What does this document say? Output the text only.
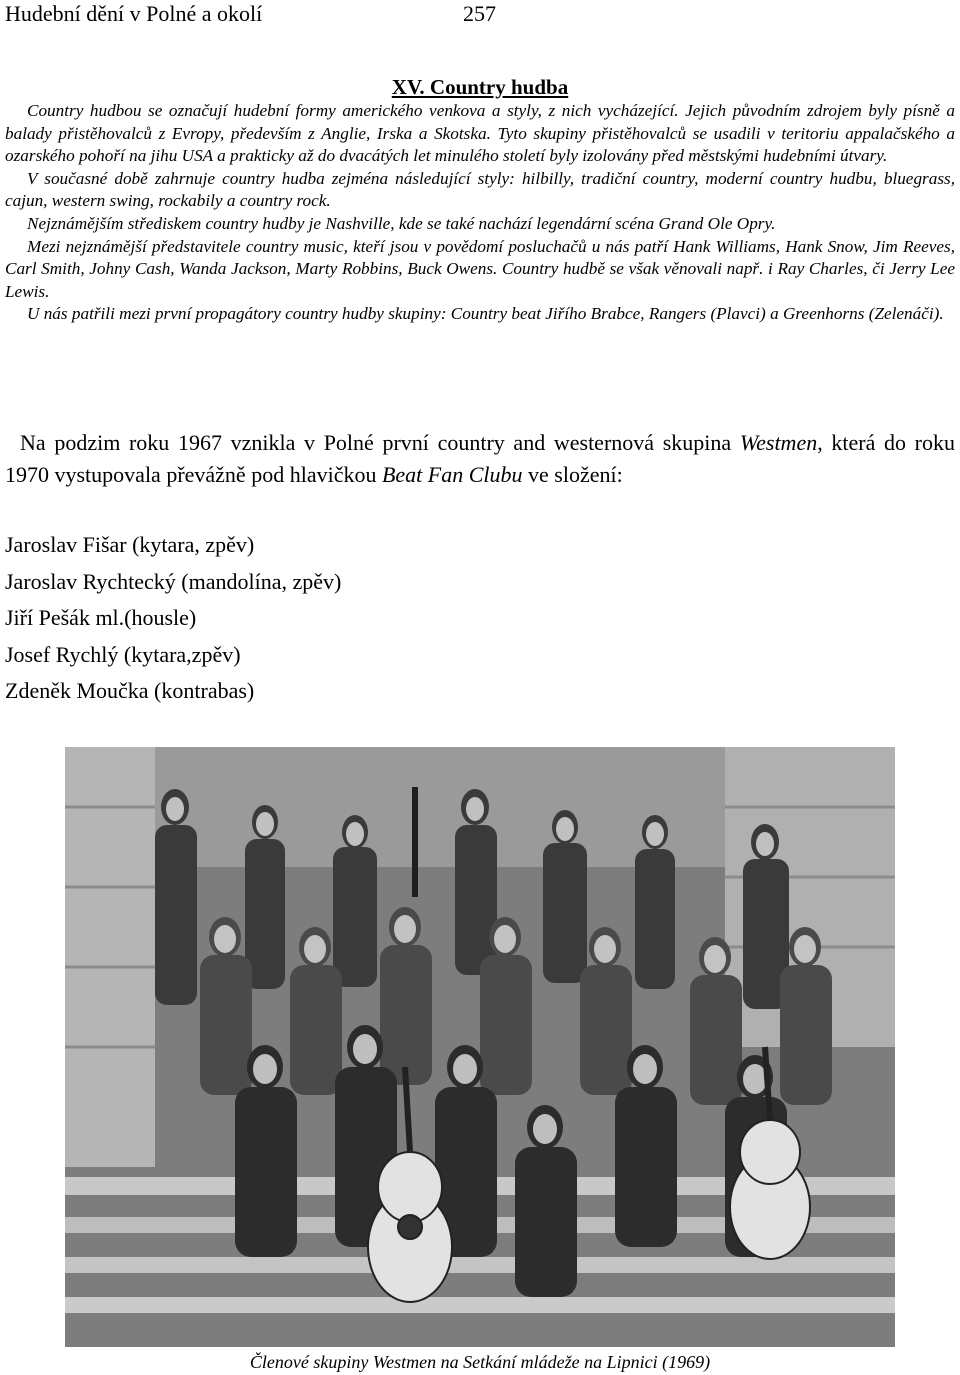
Hudební dění v Polné a okolí	257
XV. Country hudba

Country hudbou se označují hudební formy amerického venkova a styly, z nich vycházející. Jejich původním zdrojem byly písně a balady přistěhovalců z Evropy, především z Anglie, Irska a Skotska. Tyto skupiny přistěhovalců se usadili v teritoriu appalačského a ozarského pohoří na jihu USA a prakticky až do dvacátých let minulého století byly izolovány před městskými hudebními útvary.

V současné době zahrnuje country hudba zejména následující styly: hilbilly, tradiční country, moderní country hudbu, bluegrass, cajun, western swing, rockabily a country rock.

Nejznámějším střediskem country hudby je Nashville, kde se také nachází legendární scéna Grand Ole Opry.

Mezi nejznámější představitele country music, kteří jsou v povědomí posluchačů u nás patří Hank Williams, Hank Snow, Jim Reeves, Carl Smith, Johny Cash, Wanda Jackson, Marty Robbins, Buck Owens. Country hudbě se však věnovali např. i Ray Charles, či Jerry Lee Lewis.

U nás patřili mezi první propagátory country hudby skupiny: Country beat Jiřího Brabce, Rangers (Plavci) a Greenhorns (Zelenáči).

Na podzim roku 1967 vznikla v Polné první country and westernová skupina Westmen, která do roku 1970 vystupovala převážně pod hlavičkou Beat Fan Clubu ve složení:

Jaroslav Fišar (kytara, zpěv)
Jaroslav Rychtecký (mandolína, zpěv)
Jiří Pešák ml.(housle)
Josef Rychlý (kytara,zpěv)
Zdeněk Moučka (kontrabas)
Členové skupiny Westmen na Setkání mládeže na Lipnici (1969)
